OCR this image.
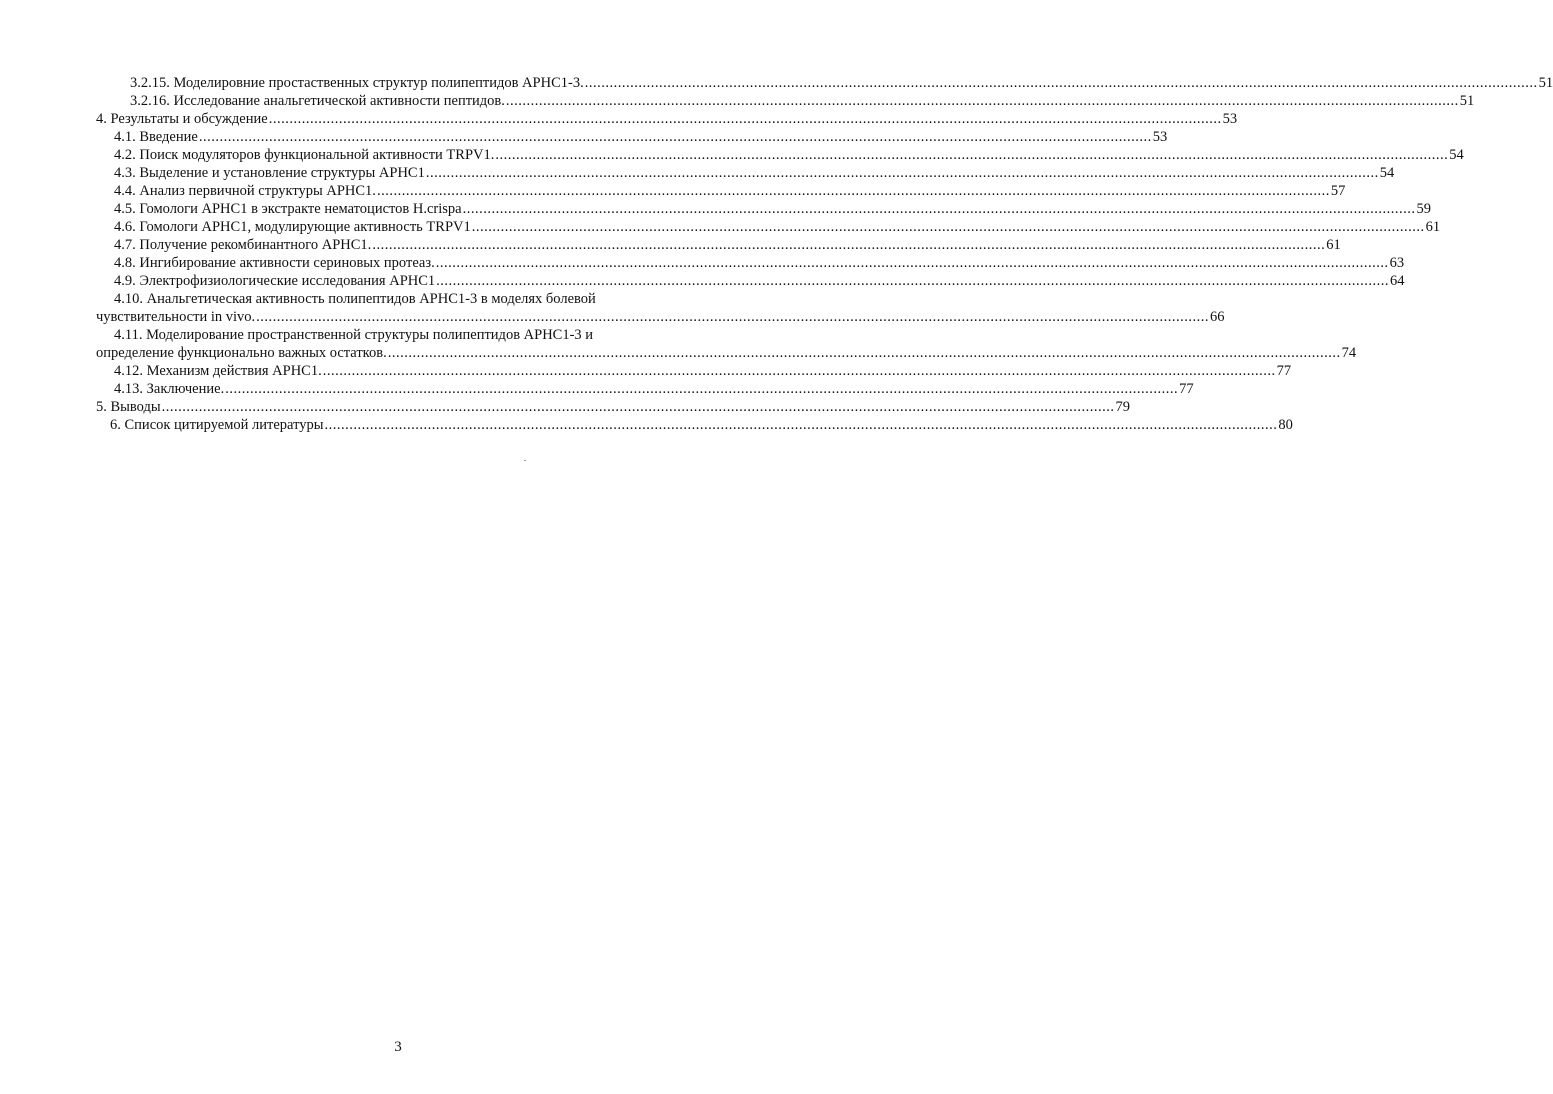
3.2.15. Моделировние простаственных структур полипептидов APHC1-3. .....	51
3.2.16. Исследование анальгетической активности пептидов. .....	51
4. Результаты и обсуждение .....	53
4.1. Введение .....	53
4.2. Поиск модуляторов функциональной активности TRPV1. .....	54
4.3. Выделение и установление структуры APHC1 .....	54
4.4. Анализ первичной структуры APHC1. .....	57
4.5. Гомологи APHC1 в экстракте нематоцистов H.crispa .....	59
4.6. Гомологи APHC1, модулирующие активность TRPV1 .....	61
4.7. Получение рекомбинантного APHC1. .....	61
4.8. Ингибирование активности сериновых протеаз. .....	63
4.9. Электрофизиологические исследования APHC1 .....	64
4.10. Анальгетическая активность полипептидов APHC1-3 в моделях болевой
чувствительности in vivo. .....	66
4.11. Моделирование пространственной структуры полипептидов APHC1-3 и
определение функционально важных остатков. .....	74
4.12. Механизм действия APHC1. .....	77
4.13. Заключение. .....	77
5. Выводы .....	79
6. Список цитируемой литературы .....	80
3
